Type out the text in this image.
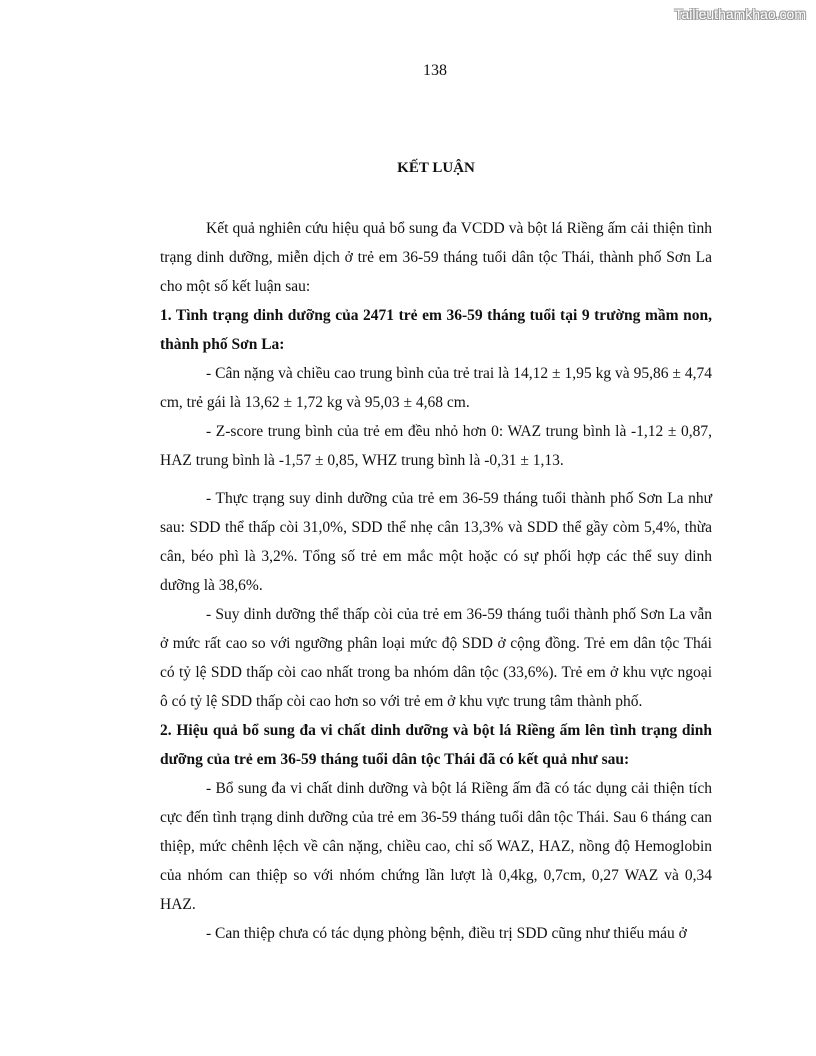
Tailieuthamkhao.com
138
KẾT LUẬN

Kết quả nghiên cứu hiệu quả bổ sung đa VCDD và bột lá Riềng ấm cải thiện tình trạng dinh dưỡng, miễn dịch ở trẻ em 36-59 tháng tuổi dân tộc Thái, thành phố Sơn La cho một số kết luận sau:

1. Tình trạng dinh dưỡng của 2471 trẻ em 36-59 tháng tuổi tại 9 trường mầm non, thành phố Sơn La:

- Cân nặng và chiều cao trung bình của trẻ trai là 14,12 ± 1,95 kg và 95,86 ± 4,74 cm, trẻ gái là 13,62 ± 1,72 kg và 95,03 ± 4,68 cm.

- Z-score trung bình của trẻ em đều nhỏ hơn 0: WAZ trung bình là -1,12 ± 0,87, HAZ trung bình là -1,57 ± 0,85, WHZ trung bình là -0,31 ± 1,13.

- Thực trạng suy dinh dưỡng của trẻ em 36-59 tháng tuổi thành phố Sơn La như sau: SDD thể thấp còi 31,0%, SDD thể nhẹ cân 13,3% và SDD thể gầy còm 5,4%, thừa cân, béo phì là 3,2%. Tổng số trẻ em mắc một hoặc có sự phối hợp các thể suy dinh dưỡng là 38,6%.

- Suy dinh dưỡng thể thấp còi của trẻ em 36-59 tháng tuổi thành phố Sơn La vẫn ở mức rất cao so với ngưỡng phân loại mức độ SDD ở cộng đồng. Trẻ em dân tộc Thái có tỷ lệ SDD thấp còi cao nhất trong ba nhóm dân tộc (33,6%). Trẻ em ở khu vực ngoại ô có tỷ lệ SDD thấp còi cao hơn so với trẻ em ở khu vực trung tâm thành phố.

2. Hiệu quả bổ sung đa vi chất dinh dưỡng và bột lá Riềng ấm lên tình trạng dinh dưỡng của trẻ em 36-59 tháng tuổi dân tộc Thái đã có kết quả như sau:

- Bổ sung đa vi chất dinh dưỡng và bột lá Riềng ấm đã có tác dụng cải thiện tích cực đến tình trạng dinh dưỡng của trẻ em 36-59 tháng tuổi dân tộc Thái. Sau 6 tháng can thiệp, mức chênh lệch về cân nặng, chiều cao, chỉ số WAZ, HAZ, nồng độ Hemoglobin của nhóm can thiệp so với nhóm chứng lần lượt là 0,4kg, 0,7cm, 0,27 WAZ và 0,34 HAZ.

- Can thiệp chưa có tác dụng phòng bệnh, điều trị SDD cũng như thiếu máu ở
